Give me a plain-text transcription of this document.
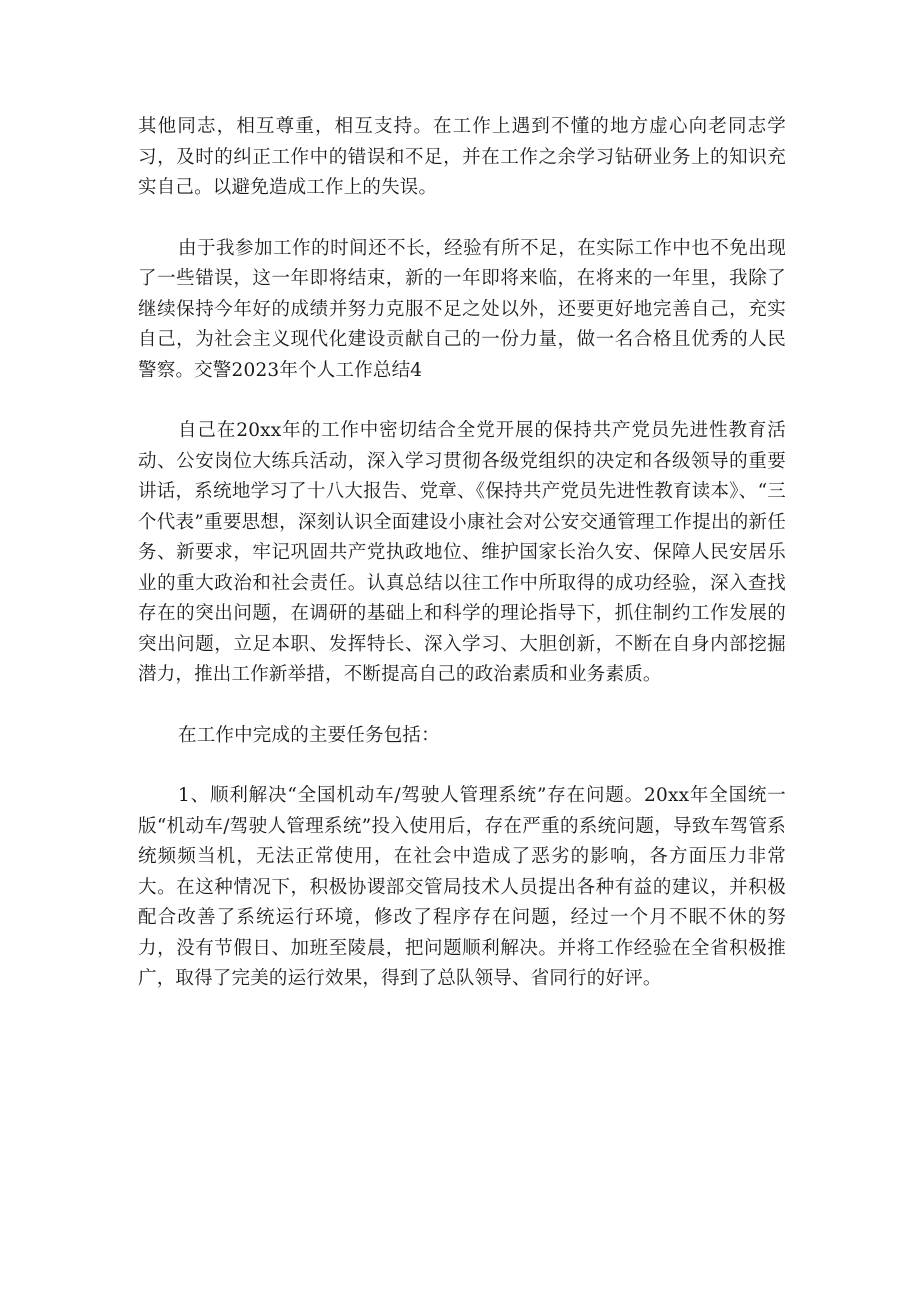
其他同志，相互尊重，相互支持。在工作上遇到不懂的地方虚心向老同志学习，及时的纠正工作中的错误和不足，并在工作之余学习钻研业务上的知识充实自己。以避免造成工作上的失误。

由于我参加工作的时间还不长，经验有所不足，在实际工作中也不免出现了一些错误，这一年即将结束，新的一年即将来临，在将来的一年里，我除了继续保持今年好的成绩并努力克服不足之处以外，还要更好地完善自己，充实自己，为社会主义现代化建设贡献自己的一份力量，做一名合格且优秀的人民警察。交警2023年个人工作总结4

自己在20xx年的工作中密切结合全党开展的保持共产党员先进性教育活动、公安岗位大练兵活动，深入学习贯彻各级党组织的决定和各级领导的重要讲话，系统地学习了十八大报告、党章、《保持共产党员先进性教育读本》、“三个代表”重要思想，深刻认识全面建设小康社会对公安交通管理工作提出的新任务、新要求，牢记巩固共产党执政地位、维护国家长治久安、保障人民安居乐业的重大政治和社会责任。认真总结以往工作中所取得的成功经验，深入查找存在的突出问题，在调研的基础上和科学的理论指导下，抓住制约工作发展的突出问题，立足本职、发挥特长、深入学习、大胆创新，不断在自身内部挖掘潜力，推出工作新举措，不断提高自己的政治素质和业务素质。

在工作中完成的主要任务包括：

1、顺利解决“全国机动车/驾驶人管理系统”存在问题。20xx年全国统一版“机动车/驾驶人管理系统”投入使用后，存在严重的系统问题，导致车驾管系统频频当机，无法正常使用，在社会中造成了恶劣的影响，各方面压力非常大。在这种情况下，积极协谡部交管局技术人员提出各种有益的建议，并积极配合改善了系统运行环境，修改了程序存在问题，经过一个月不眠不休的努力，没有节假日、加班至陵晨，把问题顺利解决。并将工作经验在全省积极推广，取得了完美的运行效果，得到了总队领导、省同行的好评。
